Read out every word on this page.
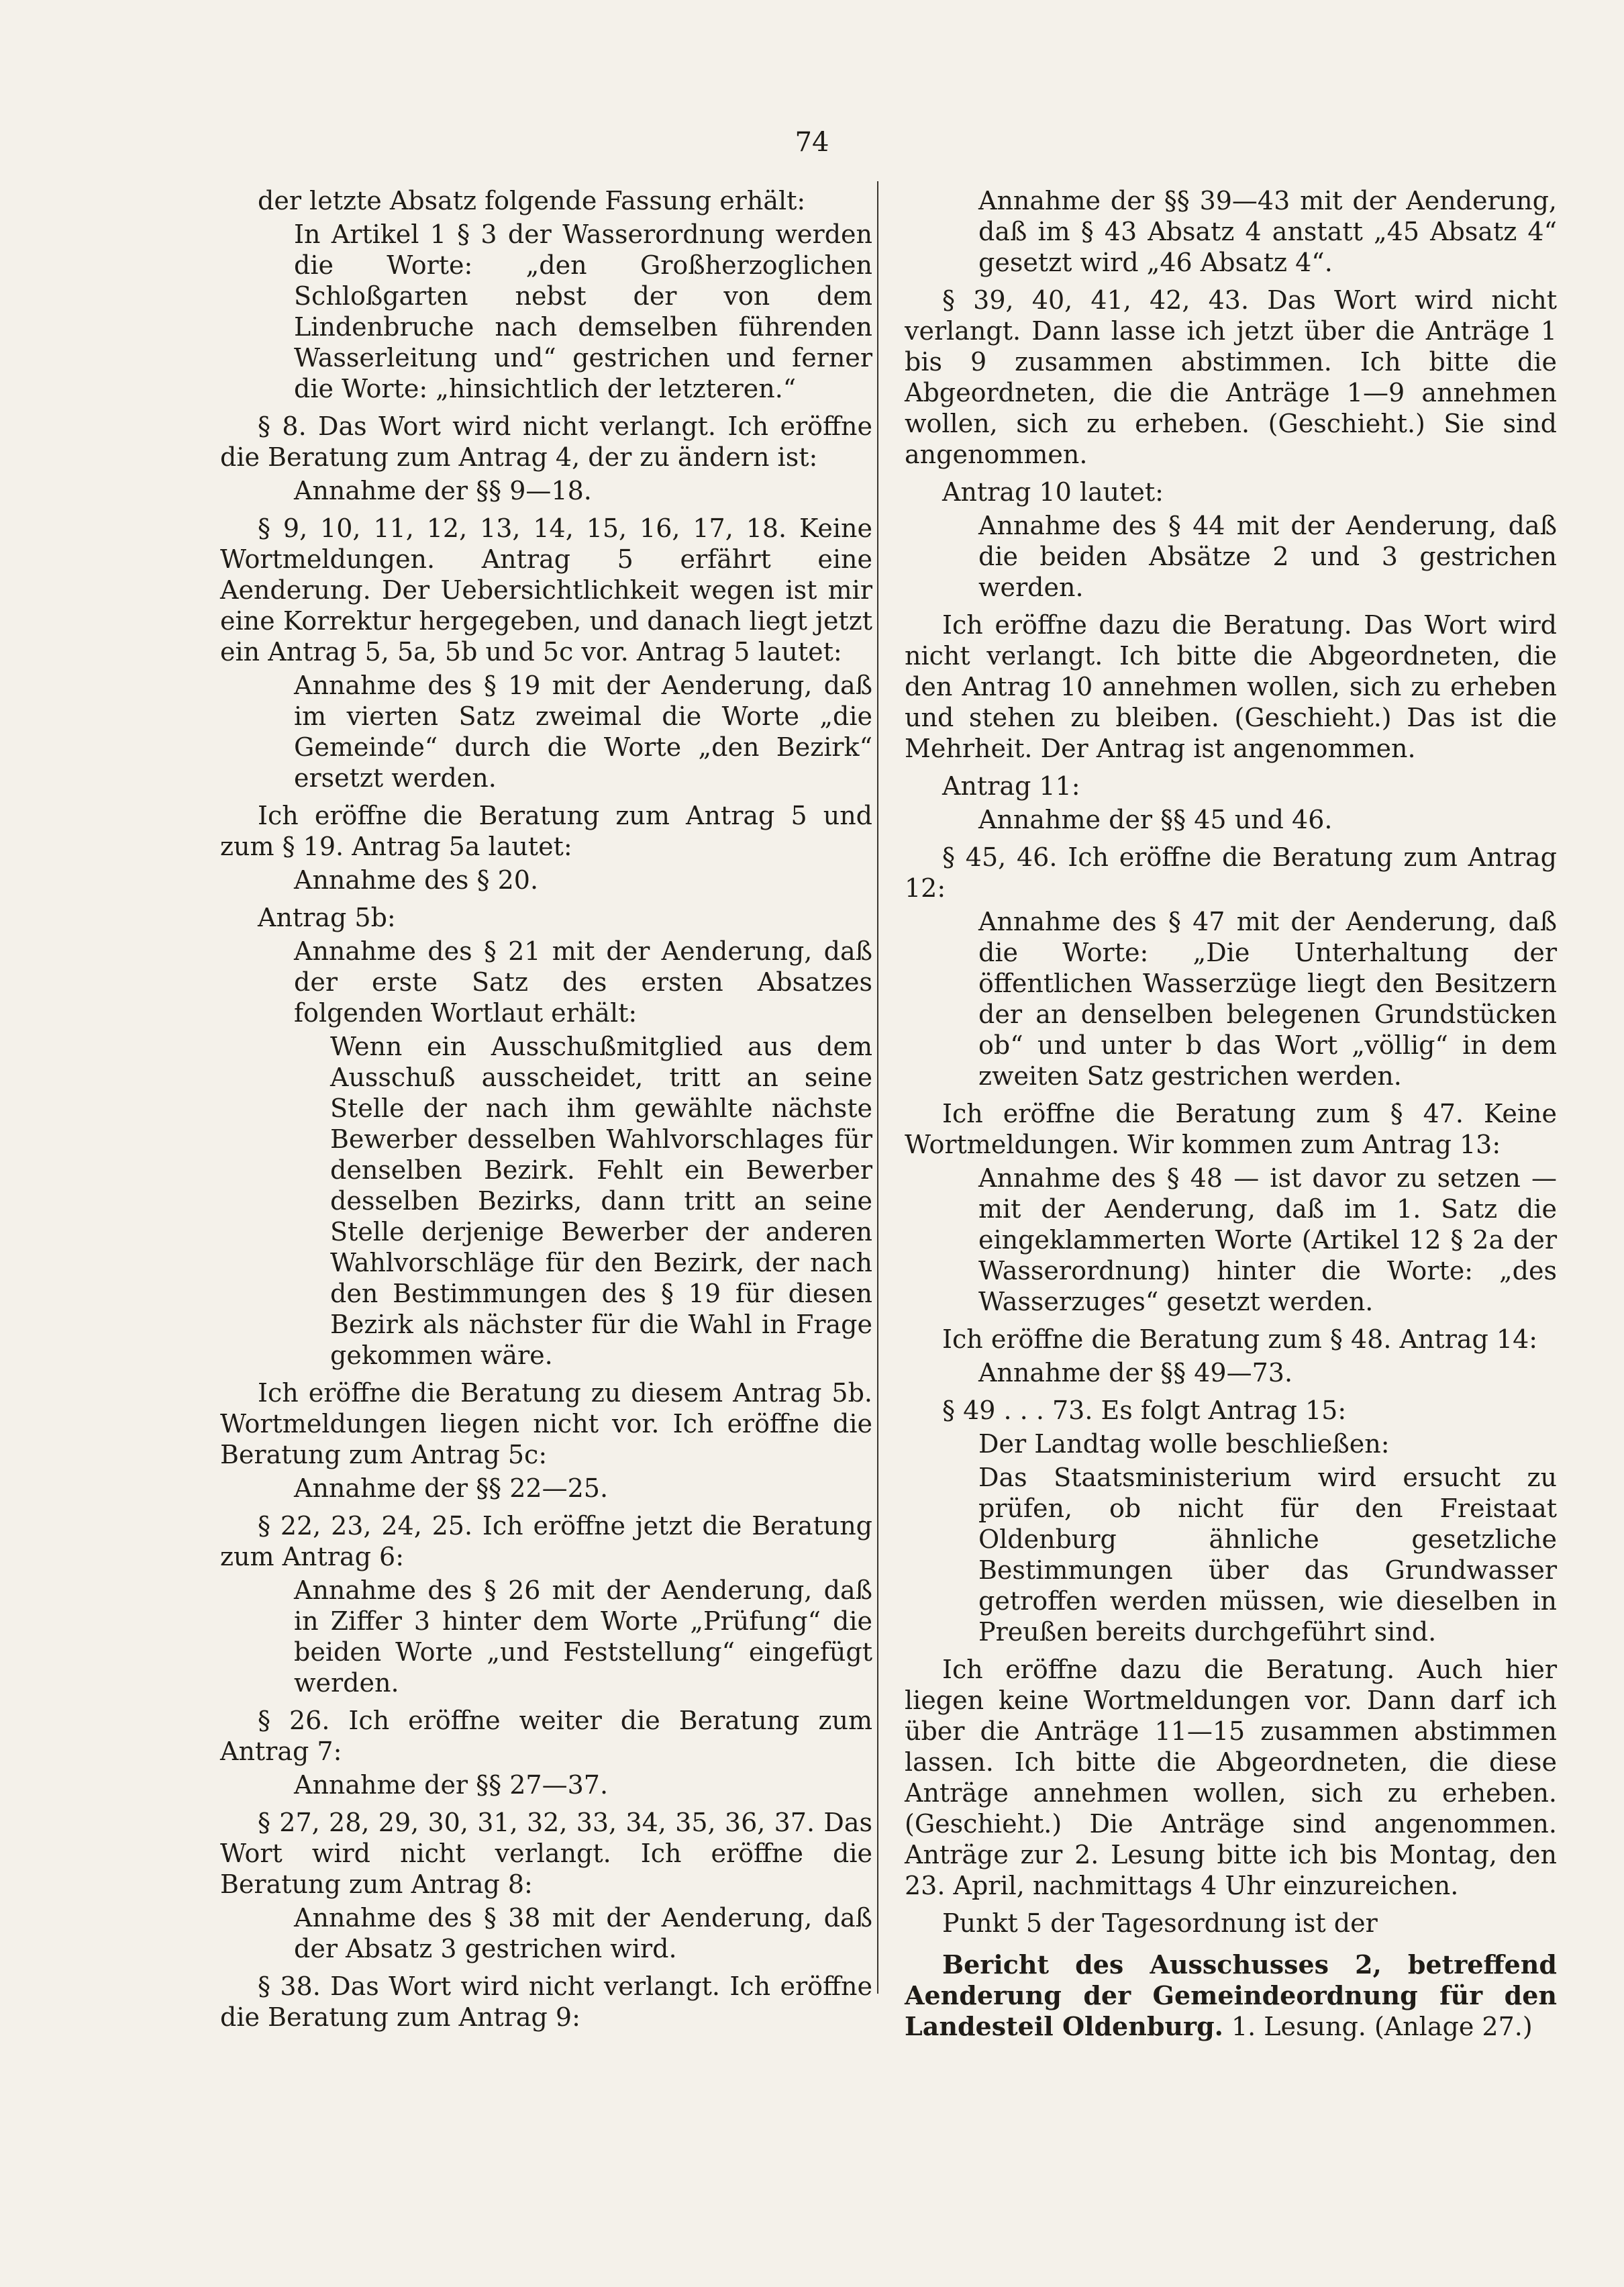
74

der letzte Absatz folgende Fassung erhält:

In Artikel 1 § 3 der Wasserordnung werden die Worte: „den Großherzoglichen Schloßgarten nebst der von dem Lindenbruche nach demselben führenden Wasserleitung und“ gestrichen und ferner die Worte: „hinsichtlich der letzteren.“

§ 8. Das Wort wird nicht verlangt. Ich eröffne die Beratung zum Antrag 4, der zu ändern ist:

Annahme der §§ 9—18.

§ 9, 10, 11, 12, 13, 14, 15, 16, 17, 18. Keine Wortmeldungen. Antrag 5 erfährt eine Aenderung. Der Uebersichtlichkeit wegen ist mir eine Korrektur hergegeben, und danach liegt jetzt ein Antrag 5, 5a, 5b und 5c vor. Antrag 5 lautet:

Annahme des § 19 mit der Aenderung, daß im vierten Satz zweimal die Worte „die Gemeinde“ durch die Worte „den Bezirk“ ersetzt werden.

Ich eröffne die Beratung zum Antrag 5 und zum § 19. Antrag 5a lautet:

Annahme des § 20.

Antrag 5b:

Annahme des § 21 mit der Aenderung, daß der erste Satz des ersten Absatzes folgenden Wortlaut erhält:

Wenn ein Ausschußmitglied aus dem Ausschuß ausscheidet, tritt an seine Stelle der nach ihm gewählte nächste Bewerber desselben Wahlvorschlages für denselben Bezirk. Fehlt ein Bewerber desselben Bezirks, dann tritt an seine Stelle derjenige Bewerber der anderen Wahlvorschläge für den Bezirk, der nach den Bestimmungen des § 19 für diesen Bezirk als nächster für die Wahl in Frage gekommen wäre.

Ich eröffne die Beratung zu diesem Antrag 5b. Wortmeldungen liegen nicht vor. Ich eröffne die Beratung zum Antrag 5c:

Annahme der §§ 22—25.

§ 22, 23, 24, 25. Ich eröffne jetzt die Beratung zum Antrag 6:

Annahme des § 26 mit der Aenderung, daß in Ziffer 3 hinter dem Worte „Prüfung“ die beiden Worte „und Feststellung“ eingefügt werden.

§ 26. Ich eröffne weiter die Beratung zum Antrag 7:

Annahme der §§ 27—37.

§ 27, 28, 29, 30, 31, 32, 33, 34, 35, 36, 37. Das Wort wird nicht verlangt. Ich eröffne die Beratung zum Antrag 8:

Annahme des § 38 mit der Aenderung, daß der Absatz 3 gestrichen wird.

§ 38. Das Wort wird nicht verlangt. Ich eröffne die Beratung zum Antrag 9:

Annahme der §§ 39—43 mit der Aenderung, daß im § 43 Absatz 4 anstatt „45 Absatz 4“ gesetzt wird „46 Absatz 4“.

§ 39, 40, 41, 42, 43. Das Wort wird nicht verlangt. Dann lasse ich jetzt über die Anträge 1 bis 9 zusammen abstimmen. Ich bitte die Abgeordneten, die die Anträge 1—9 annehmen wollen, sich zu erheben. (Geschieht.) Sie sind angenommen.

Antrag 10 lautet:

Annahme des § 44 mit der Aenderung, daß die beiden Absätze 2 und 3 gestrichen werden.

Ich eröffne dazu die Beratung. Das Wort wird nicht verlangt. Ich bitte die Abgeordneten, die den Antrag 10 annehmen wollen, sich zu erheben und stehen zu bleiben. (Geschieht.) Das ist die Mehrheit. Der Antrag ist angenommen.

Antrag 11:

Annahme der §§ 45 und 46.

§ 45, 46. Ich eröffne die Beratung zum Antrag 12:

Annahme des § 47 mit der Aenderung, daß die Worte: „Die Unterhaltung der öffentlichen Wasserzüge liegt den Besitzern der an denselben belegenen Grundstücken ob“ und unter b das Wort „völlig“ in dem zweiten Satz gestrichen werden.

Ich eröffne die Beratung zum § 47. Keine Wortmeldungen. Wir kommen zum Antrag 13:

Annahme des § 48 — ist davor zu setzen — mit der Aenderung, daß im 1. Satz die eingeklammerten Worte (Artikel 12 § 2a der Wasserordnung) hinter die Worte: „des Wasserzuges“ gesetzt werden.

Ich eröffne die Beratung zum § 48. Antrag 14:

Annahme der §§ 49—73.

§ 49 . . . 73. Es folgt Antrag 15:

Der Landtag wolle beschließen:

Das Staatsministerium wird ersucht zu prüfen, ob nicht für den Freistaat Oldenburg ähnliche gesetzliche Bestimmungen über das Grundwasser getroffen werden müssen, wie dieselben in Preußen bereits durchgeführt sind.

Ich eröffne dazu die Beratung. Auch hier liegen keine Wortmeldungen vor. Dann darf ich über die Anträge 11—15 zusammen abstimmen lassen. Ich bitte die Abgeordneten, die diese Anträge annehmen wollen, sich zu erheben. (Geschieht.) Die Anträge sind angenommen. Anträge zur 2. Lesung bitte ich bis Montag, den 23. April, nachmittags 4 Uhr einzureichen.

Punkt 5 der Tagesordnung ist der

Bericht des Ausschusses 2, betreffend Aenderung der Gemeindeordnung für den Landesteil Oldenburg. 1. Lesung. (Anlage 27.)
